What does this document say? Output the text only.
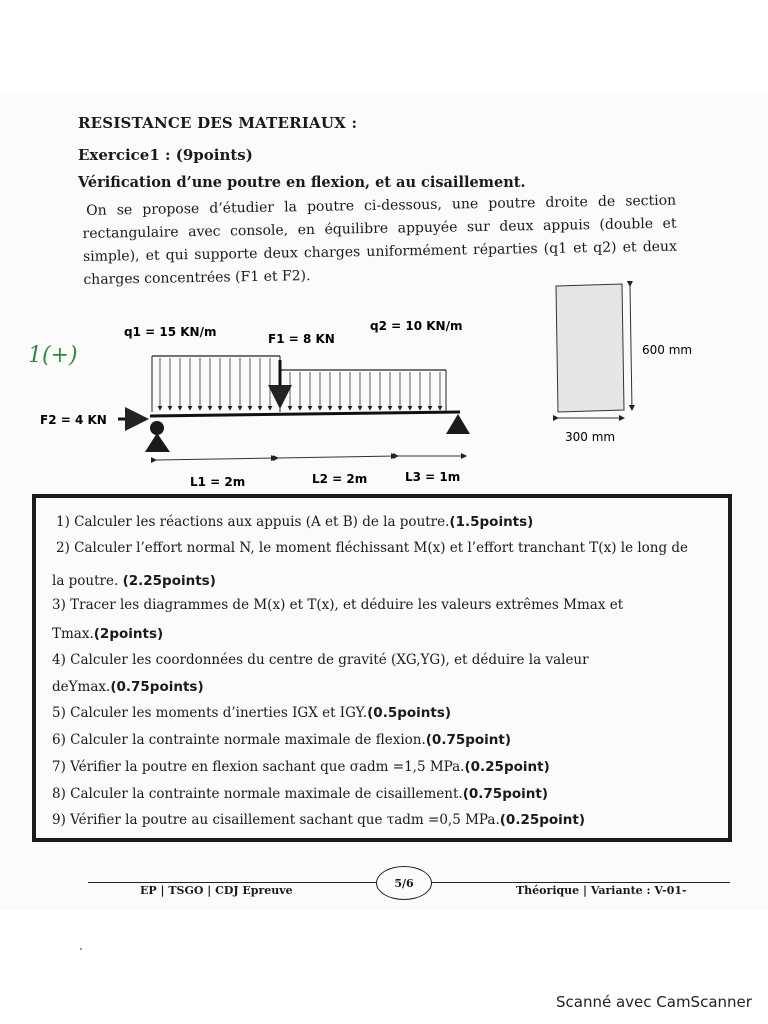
RESISTANCE DES MATERIAUX :
Exercice1 : (9points)
Vérification d’une poutre en flexion, et au cisaillement.

On se propose d’étudier la poutre ci-dessous, une poutre droite de section rectangulaire avec console, en équilibre appuyée sur deux appuis (double et simple), et qui supporte deux charges uniformément réparties (q1 et q2) et deux charges concentrées (F1 et F2).

q1 = 15 KN/m	F1 = 8 KN
q2 = 10 KN/m
F2 = 4 KN
L1 = 2m	L2 = 2m	L3 = 1m
1(+)	600 mm
300 mm
1) Calculer les réactions aux appuis (A et B) de la poutre.(1.5points)
2) Calculer l’effort normal N, le moment fléchissant M(x) et l’effort tranchant T(x) le long de
la poutre. (2.25points)
3) Tracer les diagrammes de M(x) et T(x), et déduire les valeurs extrêmes Mmax et
Tmax.(2points)
4) Calculer les coordonnées du centre de gravité (XG,YG), et déduire la valeur
deYmax.(0.75points)
5) Calculer les moments d’inerties IGX et IGY.(0.5points)
6) Calculer la contrainte normale maximale de flexion.(0.75point)
7) Vérifier la poutre en flexion sachant que σadm =1,5 MPa.(0.25point)
8) Calculer la contrainte normale maximale de cisaillement.(0.75point)
9) Vérifier la poutre au cisaillement sachant que τadm =0,5 MPa.(0.25point)
EP | TSGO | CDJ Epreuve
5/6
Théorique | Variante : V-01-
Scanné avec CamScanner
